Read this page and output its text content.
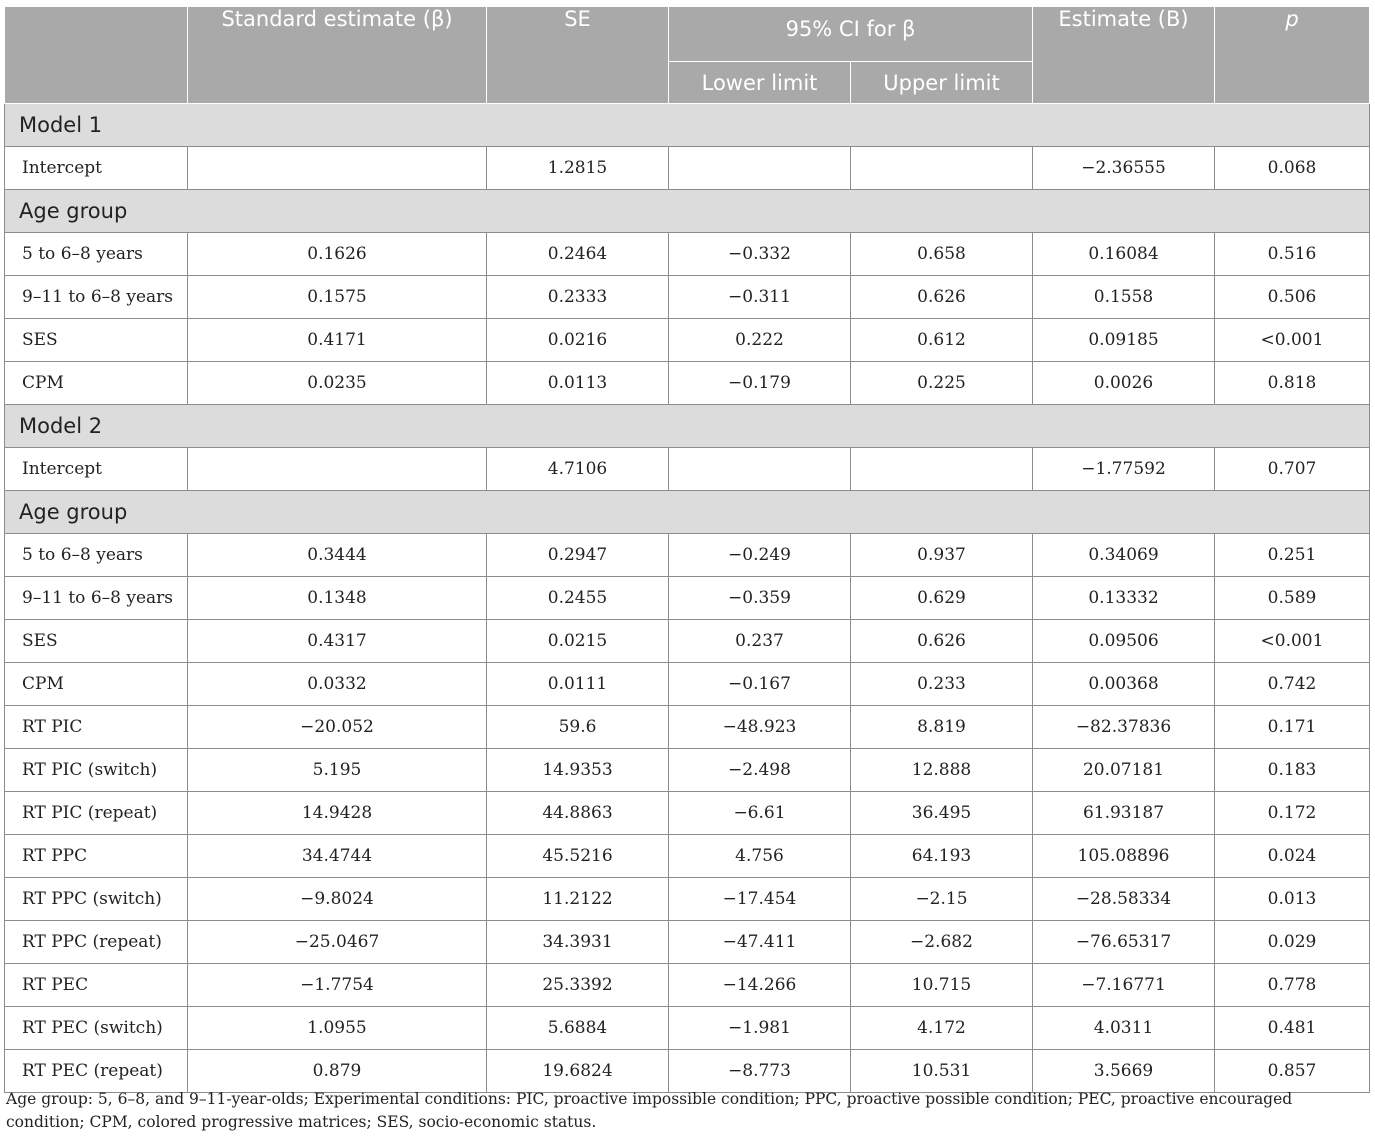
	Standard estimate (β)	SE	95% CI for β		Estimate (B)	p
			Lower limit	Upper limit		
Model 1						
Intercept		1.2815			−2.36555	0.068
Age group						
5 to 6–8 years	0.1626	0.2464	−0.332	0.658	0.16084	0.516
9–11 to 6–8 years	0.1575	0.2333	−0.311	0.626	0.1558	0.506
SES	0.4171	0.0216	0.222	0.612	0.09185	<0.001
CPM	0.0235	0.0113	−0.179	0.225	0.0026	0.818
Model 2						
Intercept		4.7106			−1.77592	0.707
Age group						
5 to 6–8 years	0.3444	0.2947	−0.249	0.937	0.34069	0.251
9–11 to 6–8 years	0.1348	0.2455	−0.359	0.629	0.13332	0.589
SES	0.4317	0.0215	0.237	0.626	0.09506	<0.001
CPM	0.0332	0.0111	−0.167	0.233	0.00368	0.742
RT PIC	−20.052	59.6	−48.923	8.819	−82.37836	0.171
RT PIC (switch)	5.195	14.9353	−2.498	12.888	20.07181	0.183
RT PIC (repeat)	14.9428	44.8863	−6.61	36.495	61.93187	0.172
RT PPC	34.4744	45.5216	4.756	64.193	105.08896	0.024
RT PPC (switch)	−9.8024	11.2122	−17.454	−2.15	−28.58334	0.013
RT PPC (repeat)	−25.0467	34.3931	−47.411	−2.682	−76.65317	0.029
RT PEC	−1.7754	25.3392	−14.266	10.715	−7.16771	0.778
RT PEC (switch)	1.0955	5.6884	−1.981	4.172	4.0311	0.481
RT PEC (repeat)	0.879	19.6824	−8.773	10.531	3.5669	0.857
Age group: 5, 6–8, and 9–11-year-olds; Experimental conditions: PIC, proactive impossible condition; PPC, proactive possible condition; PEC, proactive encouraged condition; CPM, colored progressive matrices; SES, socio-economic status.
